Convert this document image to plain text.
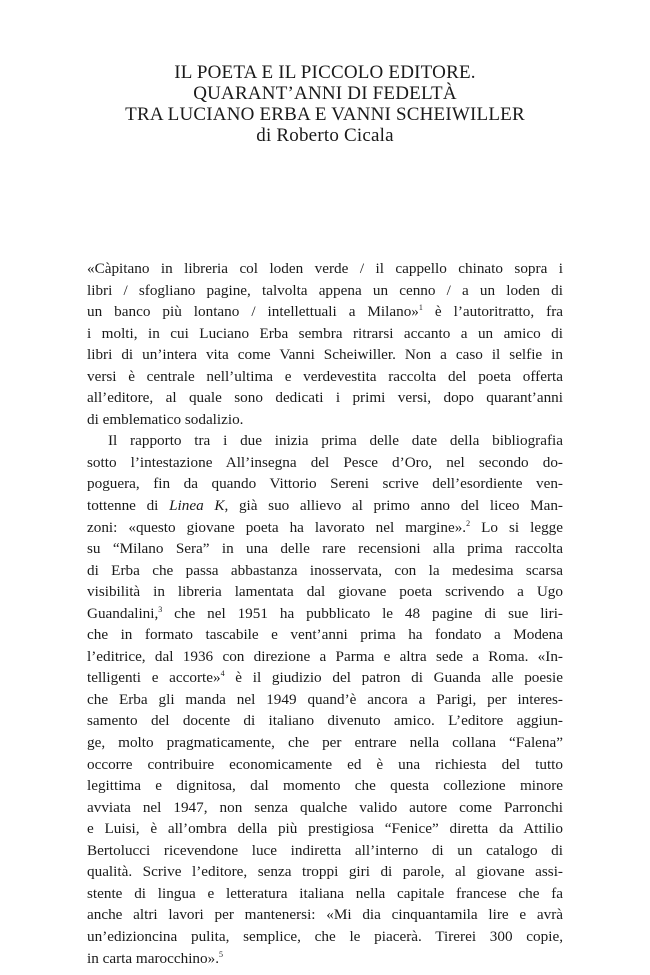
IL POETA E IL PICCOLO EDITORE.
QUARANT’ANNI DI FEDELTÀ
TRA LUCIANO ERBA E VANNI SCHEIWILLER
di Roberto Cicala
«Càpitano in libreria col loden verde / il cappello chinato sopra i
libri / sfogliano pagine, talvolta appena un cenno / a un loden di
un banco più lontano / intellettuali a Milano»$^1$ è l’autoritratto, fra
i molti, in cui Luciano Erba sembra ritrarsi accanto a un amico di
libri di un’intera vita come Vanni Scheiwiller. Non a caso il selfie in
versi è centrale nell’ultima e verdevestita raccolta del poeta offerta
all’editore, al quale sono dedicati i primi versi, dopo quarant’anni
di emblematico sodalizio.
Il rapporto tra i due inizia prima delle date della bibliografia
sotto l’intestazione All’insegna del Pesce d’Oro, nel secondo do-
poguera, fin da quando Vittorio Sereni scrive dell’esordiente ven-
tottenne di Linea K, già suo allievo al primo anno del liceo Man-
zoni: «questo giovane poeta ha lavorato nel margine».$^2$ Lo si legge
su “Milano Sera” in una delle rare recensioni alla prima raccolta
di Erba che passa abbastanza inosservata, con la medesima scarsa
visibilità in libreria lamentata dal giovane poeta scrivendo a Ugo
Guandalini,$^3$ che nel 1951 ha pubblicato le 48 pagine di sue liri-
che in formato tascabile e vent’anni prima ha fondato a Modena
l’editrice, dal 1936 con direzione a Parma e altra sede a Roma. «In-
telligenti e accorte»$^4$ è il giudizio del patron di Guanda alle poesie
che Erba gli manda nel 1949 quand’è ancora a Parigi, per interes-
samento del docente di italiano divenuto amico. L’editore aggiun-
ge, molto pragmaticamente, che per entrare nella collana “Falena”
occorre contribuire economicamente ed è una richiesta del tutto
legittima e dignitosa, dal momento che questa collezione minore
avviata nel 1947, non senza qualche valido autore come Parronchi
e Luisi, è all’ombra della più prestigiosa “Fenice” diretta da Attilio
Bertolucci ricevendone luce indiretta all’interno di un catalogo di
qualità. Scrive l’editore, senza troppi giri di parole, al giovane assi-
stente di lingua e letteratura italiana nella capitale francese che fa
anche altri lavori per mantenersi: «Mi dia cinquantamila lire e avrà
un’edizioncina pulita, semplice, che le piacerà. Tirerei 300 copie,
in carta marocchino».$^5$
